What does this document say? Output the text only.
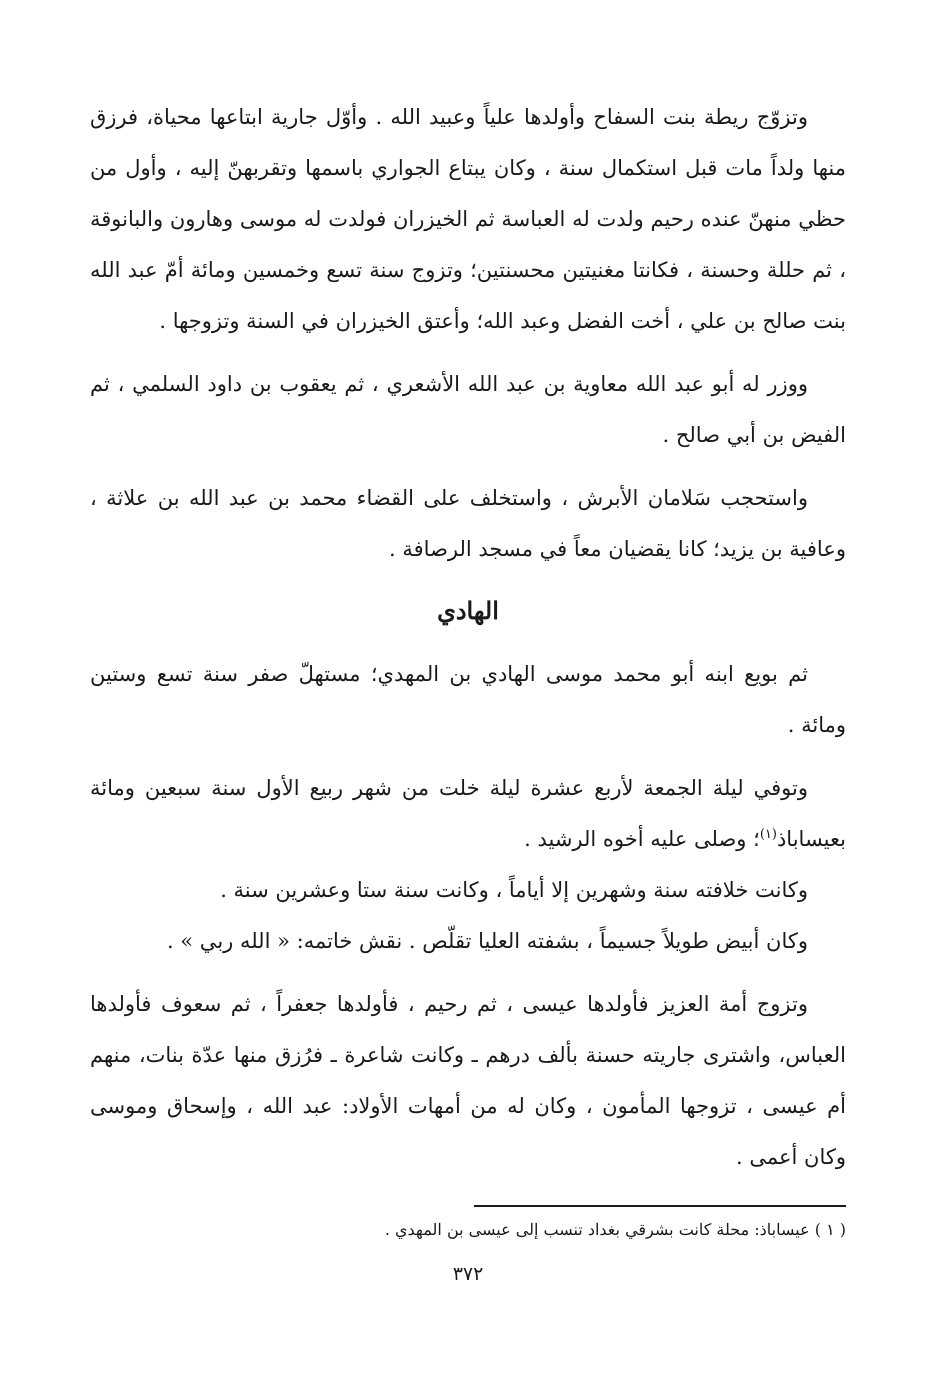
وتزوّج ريطة بنت السفاح وأولدها علياً وعبيد الله . وأوّل جارية ابتاعها محياة، فرزق منها ولداً مات قبل استكمال سنة ، وكان يبتاع الجواري باسمها وتقربهنّ إليه ، وأول من حظي منهنّ عنده رحيم ولدت له العباسة ثم الخيزران فولدت له موسى وهارون والبانوقة ، ثم حللة وحسنة ، فكانتا مغنيتين محسنتين؛ وتزوج سنة تسع وخمسين ومائة أمّ عبد الله بنت صالح بن علي ، أخت الفضل وعبد الله؛ وأعتق الخيزران في السنة وتزوجها .

ووزر له أبو عبد الله معاوية بن عبد الله الأشعري ، ثم يعقوب بن داود السلمي ، ثم الفيض بن أبي صالح .

واستحجب سَلامان الأبرش ، واستخلف على القضاء محمد بن عبد الله بن علاثة ، وعافية بن يزيد؛ كانا يقضيان معاً في مسجد الرصافة .

الهادي

ثم بويع ابنه أبو محمد موسى الهادي بن المهدي؛ مستهلّ صفر سنة تسع وستين ومائة .

وتوفي ليلة الجمعة لأربع عشرة ليلة خلت من شهر ربيع الأول سنة سبعين ومائة بعيساباذ$^{(١)}$؛ وصلى عليه أخوه الرشيد .

وكانت خلافته سنة وشهرين إلا أياماً ، وكانت سنة ستا وعشرين سنة .

وكان أبيض طويلاً جسيماً ، بشفته العليا تقلّص . نقش خاتمه: « الله ربي » .

وتزوج أمة العزيز فأولدها عيسى ، ثم رحيم ، فأولدها جعفراً ، ثم سعوف فأولدها العباس، واشترى جاريته حسنة بألف درهم ـ وكانت شاعرة ـ فرُزق منها عدّة بنات، منهم أم عيسى ، تزوجها المأمون ، وكان له من أمهات الأولاد: عبد الله ، وإسحاق وموسى وكان أعمى .

( ١ ) عيساباذ: محلة كانت بشرقي بغداد تنسب إلى عيسى بن المهدي .

٣٧٢
